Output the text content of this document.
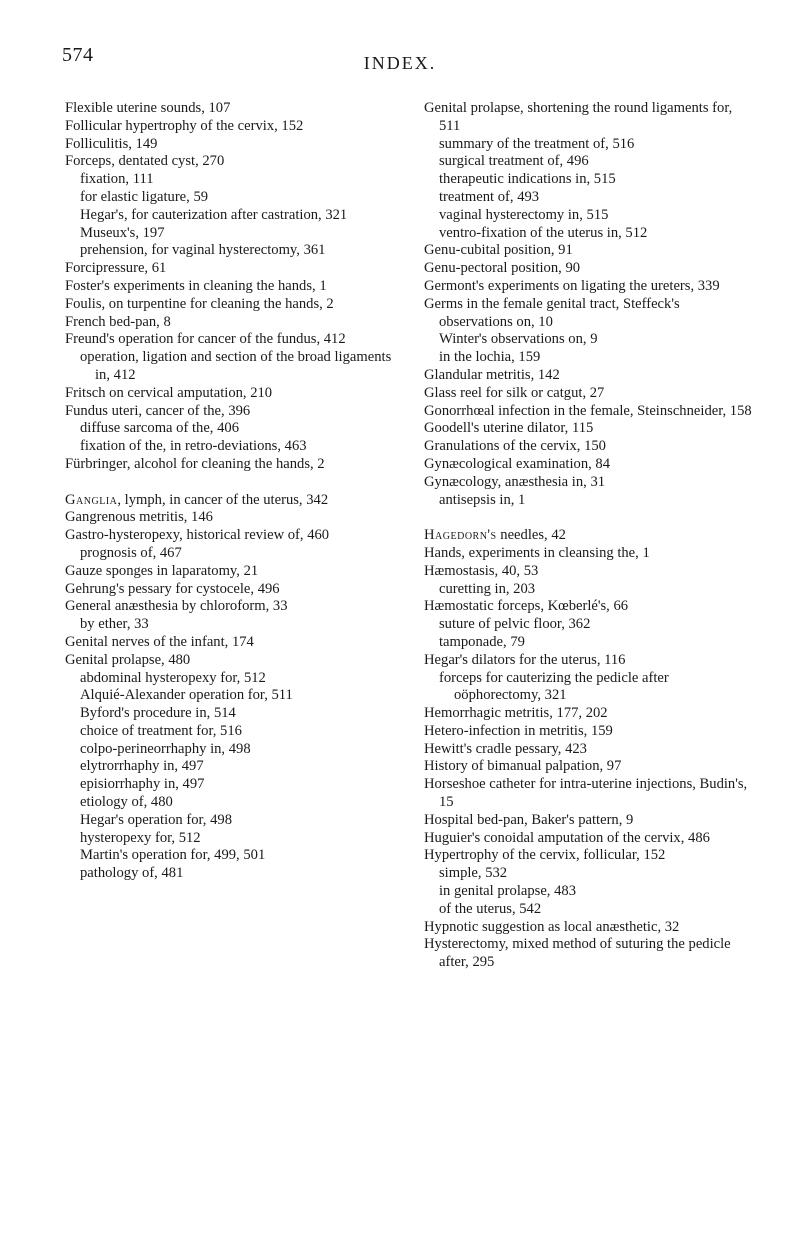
574	INDEX.

Flexible uterine sounds, 107

Follicular hypertrophy of the cervix, 152

Folliculitis, 149

Forceps, dentated cyst, 270

fixation, 111

for elastic ligature, 59

Hegar's, for cauterization after castration, 321

Museux's, 197

prehension, for vaginal hysterectomy, 361

Forcipressure, 61

Foster's experiments in cleaning the hands, 1

Foulis, on turpentine for cleaning the hands, 2

French bed-pan, 8

Freund's operation for cancer of the fundus, 412

operation, ligation and section of the broad ligaments in, 412

Fritsch on cervical amputation, 210

Fundus uteri, cancer of the, 396

diffuse sarcoma of the, 406

fixation of the, in retro-deviations, 463

Fürbringer, alcohol for cleaning the hands, 2

Ganglia, lymph, in cancer of the uterus, 342

Gangrenous metritis, 146

Gastro-hysteropexy, historical review of, 460

prognosis of, 467

Gauze sponges in laparatomy, 21

Gehrung's pessary for cystocele, 496

General anæsthesia by chloroform, 33

by ether, 33

Genital nerves of the infant, 174

Genital prolapse, 480

abdominal hysteropexy for, 512

Alquié-Alexander operation for, 511

Byford's procedure in, 514

choice of treatment for, 516

colpo-perineorrhaphy in, 498

elytrorrhaphy in, 497

episiorrhaphy in, 497

etiology of, 480

Hegar's operation for, 498

hysteropexy for, 512

Martin's operation for, 499, 501

pathology of, 481

Genital prolapse, shortening the round ligaments for, 511

summary of the treatment of, 516

surgical treatment of, 496

therapeutic indications in, 515

treatment of, 493

vaginal hysterectomy in, 515

ventro-fixation of the uterus in, 512

Genu-cubital position, 91

Genu-pectoral position, 90

Germont's experiments on ligating the ureters, 339

Germs in the female genital tract, Steffeck's observations on, 10

Winter's observations on, 9

in the lochia, 159

Glandular metritis, 142

Glass reel for silk or catgut, 27

Gonorrhœal infection in the female, Steinschneider, 158

Goodell's uterine dilator, 115

Granulations of the cervix, 150

Gynæcological examination, 84

Gynæcology, anæsthesia in, 31

antisepsis in, 1

Hagedorn's needles, 42

Hands, experiments in cleansing the, 1

Hæmostasis, 40, 53

curetting in, 203

Hæmostatic forceps, Kœberlé's, 66

suture of pelvic floor, 362

tamponade, 79

Hegar's dilators for the uterus, 116

forceps for cauterizing the pedicle after oöphorectomy, 321

Hemorrhagic metritis, 177, 202

Hetero-infection in metritis, 159

Hewitt's cradle pessary, 423

History of bimanual palpation, 97

Horseshoe catheter for intra-uterine injections, Budin's, 15

Hospital bed-pan, Baker's pattern, 9

Huguier's conoidal amputation of the cervix, 486

Hypertrophy of the cervix, follicular, 152

simple, 532

in genital prolapse, 483

of the uterus, 542

Hypnotic suggestion as local anæsthetic, 32

Hysterectomy, mixed method of suturing the pedicle after, 295
